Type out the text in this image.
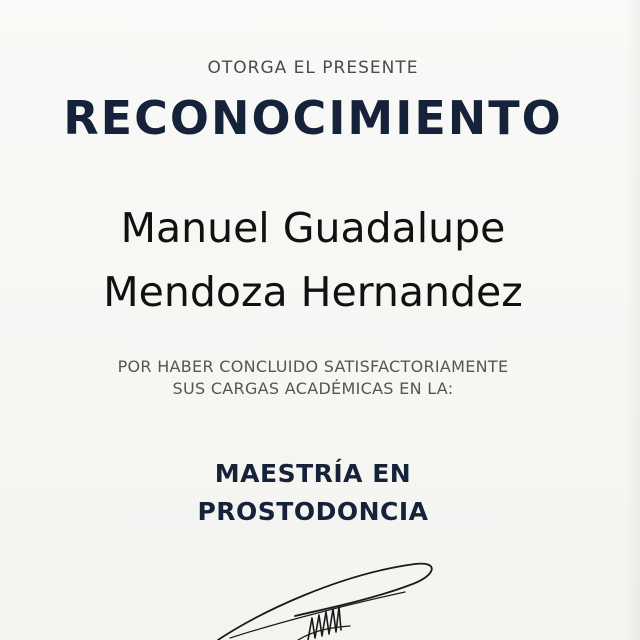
OTORGA EL PRESENTE
RECONOCIMIENTO
Manuel Guadalupe
Mendoza Hernandez
POR HABER CONCLUIDO SATISFACTORIAMENTE
SUS CARGAS ACADÉMICAS EN LA:
MAESTRÍA EN
PROSTODONCIA
